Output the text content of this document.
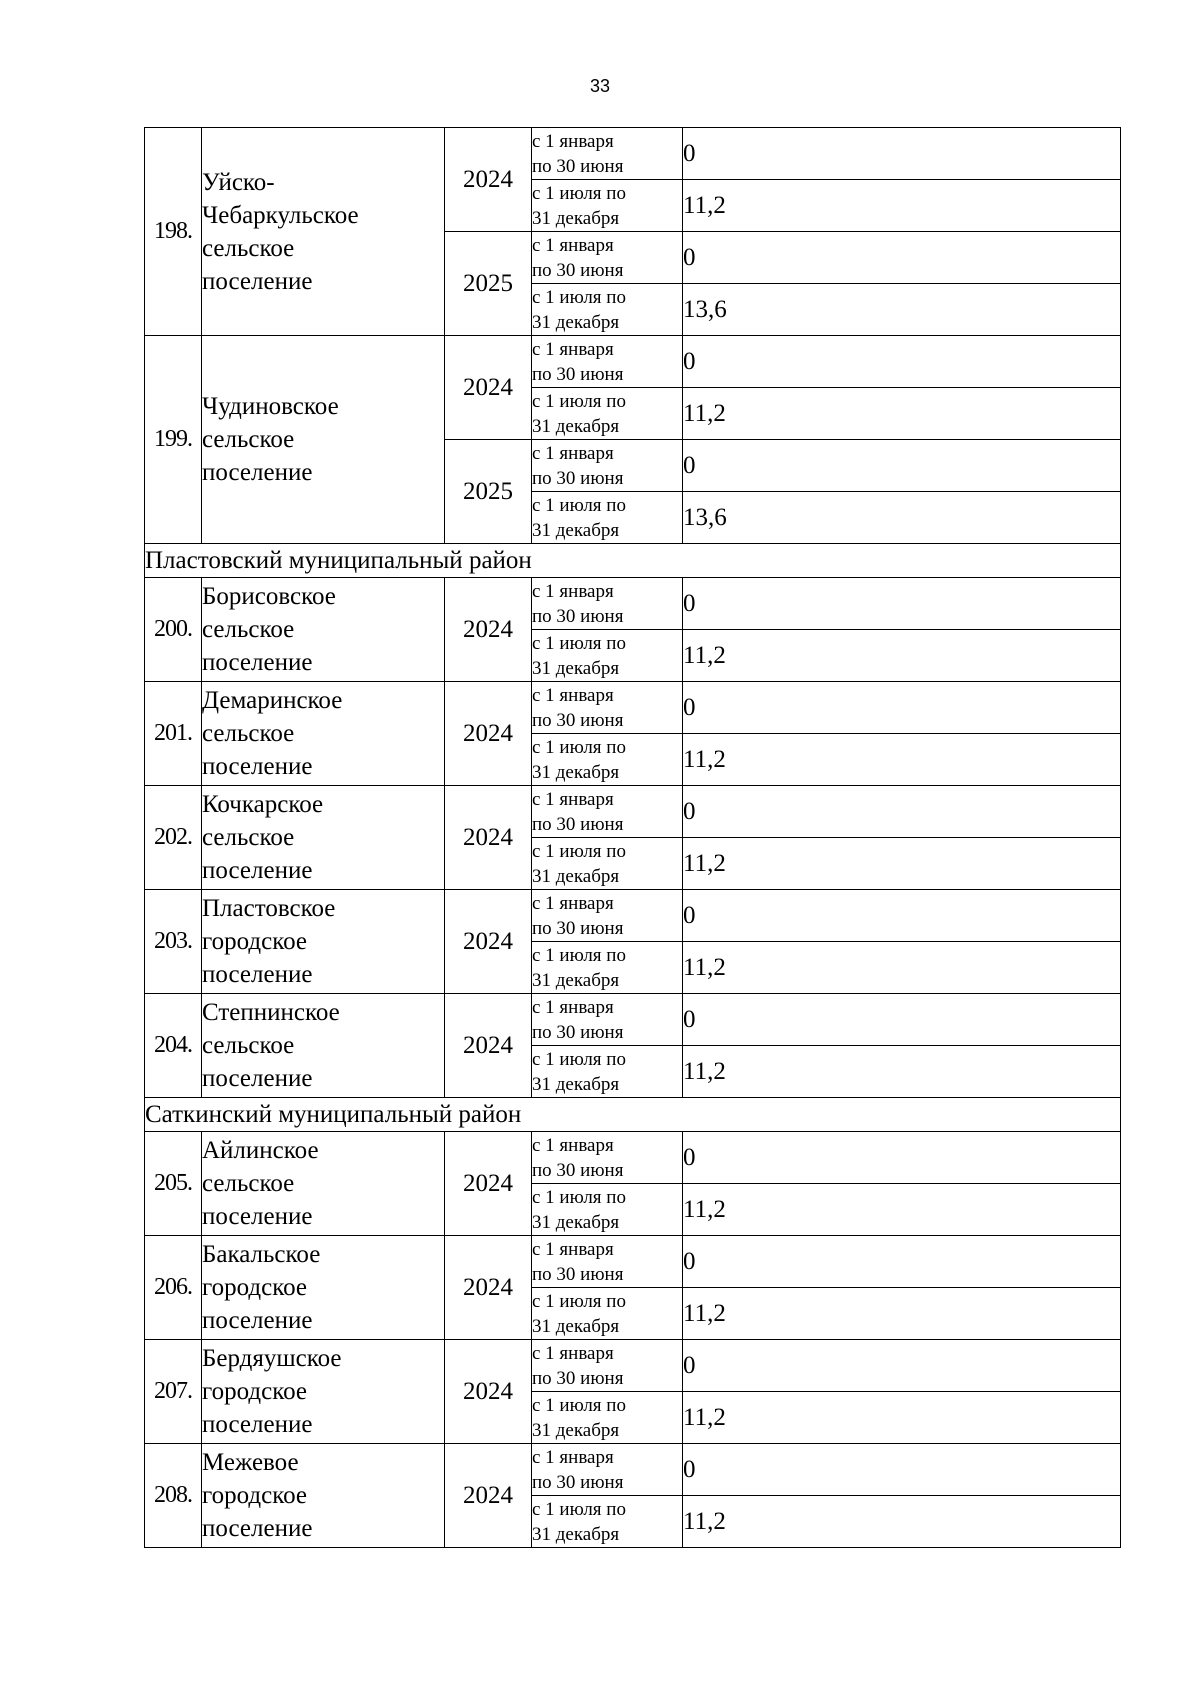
33
198.	Уйско-
Чебаркульское
сельское
поселение	2024	с 1 января
по 30 июня	0
			с 1 июля по
31 декабря	11,2
		2025	с 1 января
по 30 июня	0
			с 1 июля по
31 декабря	13,6
199.	Чудиновское
сельское
поселение	2024	с 1 января
по 30 июня	0
			с 1 июля по
31 декабря	11,2
		2025	с 1 января
по 30 июня	0
			с 1 июля по
31 декабря	13,6
Пластовский муниципальный район				
200.	Борисовское
сельское
поселение	2024	с 1 января
по 30 июня	0
			с 1 июля по
31 декабря	11,2
201.	Демаринское
сельское
поселение	2024	с 1 января
по 30 июня	0
			с 1 июля по
31 декабря	11,2
202.	Кочкарское
сельское
поселение	2024	с 1 января
по 30 июня	0
			с 1 июля по
31 декабря	11,2
203.	Пластовское
городское
поселение	2024	с 1 января
по 30 июня	0
			с 1 июля по
31 декабря	11,2
204.	Степнинское
сельское
поселение	2024	с 1 января
по 30 июня	0
			с 1 июля по
31 декабря	11,2
Саткинский муниципальный район				
205.	Айлинское
сельское
поселение	2024	с 1 января
по 30 июня	0
			с 1 июля по
31 декабря	11,2
206.	Бакальское
городское
поселение	2024	с 1 января
по 30 июня	0
			с 1 июля по
31 декабря	11,2
207.	Бердяушское
городское
поселение	2024	с 1 января
по 30 июня	0
			с 1 июля по
31 декабря	11,2
208.	Межевое
городское
поселение	2024	с 1 января
по 30 июня	0
			с 1 июля по
31 декабря	11,2
